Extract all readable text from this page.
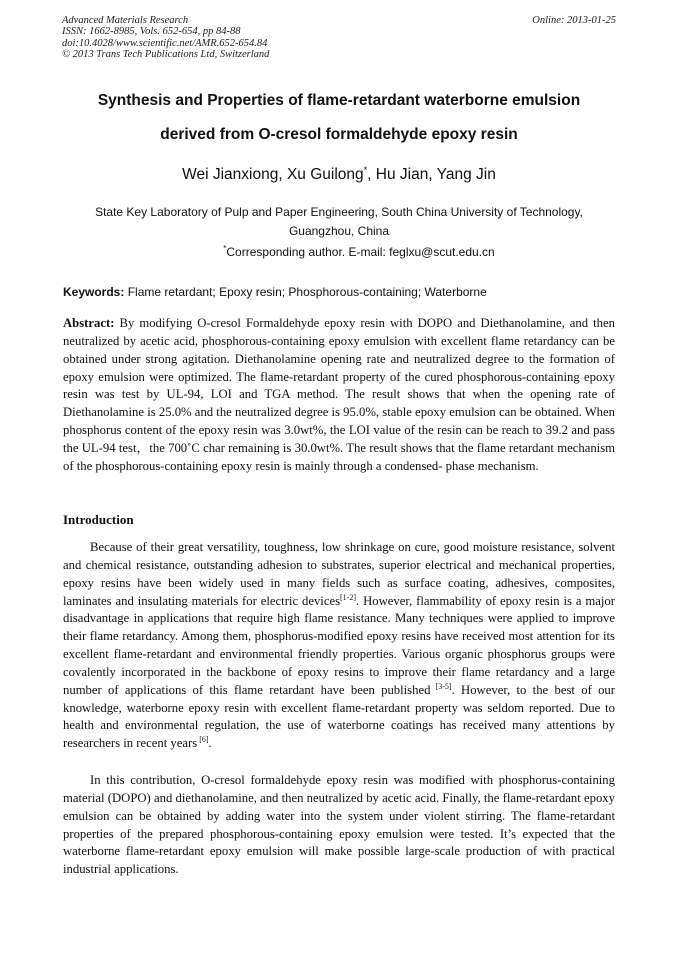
Advanced Materials Research
ISSN: 1662-8985, Vols. 652-654, pp 84-88
doi:10.4028/www.scientific.net/AMR.652-654.84
© 2013 Trans Tech Publications Ltd, Switzerland
Online: 2013-01-25
Synthesis and Properties of flame-retardant waterborne emulsion
derived from O-cresol formaldehyde epoxy resin
Wei Jianxiong, Xu Guilong*, Hu Jian, Yang Jin
State Key Laboratory of Pulp and Paper Engineering, South China University of Technology,
Guangzhou, China
*Corresponding author. E-mail: feglxu@scut.edu.cn
Keywords: Flame retardant; Epoxy resin; Phosphorous-containing; Waterborne
Abstract: By modifying O-cresol Formaldehyde epoxy resin with DOPO and Diethanolamine, and then neutralized by acetic acid, phosphorous-containing epoxy emulsion with excellent flame retardancy can be obtained under strong agitation. Diethanolamine opening rate and neutralized degree to the formation of epoxy emulsion were optimized. The flame-retardant property of the cured phosphorous-containing epoxy resin was test by UL-94, LOI and TGA method. The result shows that when the opening rate of Diethanolamine is 25.0% and the neutralized degree is 95.0%, stable epoxy emulsion can be obtained. When phosphorus content of the epoxy resin was 3.0wt%, the LOI value of the resin can be reach to 39.2 and pass the UL-94 test，the 700˚C char remaining is 30.0wt%. The result shows that the flame retardant mechanism of the phosphorous-containing epoxy resin is mainly through a condensed- phase mechanism.
Introduction
Because of their great versatility, toughness, low shrinkage on cure, good moisture resistance, solvent and chemical resistance, outstanding adhesion to substrates, superior electrical and mechanical properties, epoxy resins have been widely used in many fields such as surface coating, adhesives, composites, laminates and insulating materials for electric devices[1-2]. However, flammability of epoxy resin is a major disadvantage in applications that require high flame resistance. Many techniques were applied to improve their flame retardancy. Among them, phosphorus-modified epoxy resins have received most attention for its excellent flame-retardant and environmental friendly properties. Various organic phosphorus groups were covalently incorporated in the backbone of epoxy resins to improve their flame retardancy and a large number of applications of this flame retardant have been published [3-5]. However, to the best of our knowledge, waterborne epoxy resin with excellent flame-retardant property was seldom reported. Due to health and environmental regulation, the use of waterborne coatings has received many attentions by researchers in recent years [6].
In this contribution, O-cresol formaldehyde epoxy resin was modified with phosphorus-containing material (DOPO) and diethanolamine, and then neutralized by acetic acid. Finally, the flame-retardant epoxy emulsion can be obtained by adding water into the system under violent stirring. The flame-retardant properties of the prepared phosphorous-containing epoxy emulsion were tested. It’s expected that the waterborne flame-retardant epoxy emulsion will make possible large-scale production of with practical industrial applications.
